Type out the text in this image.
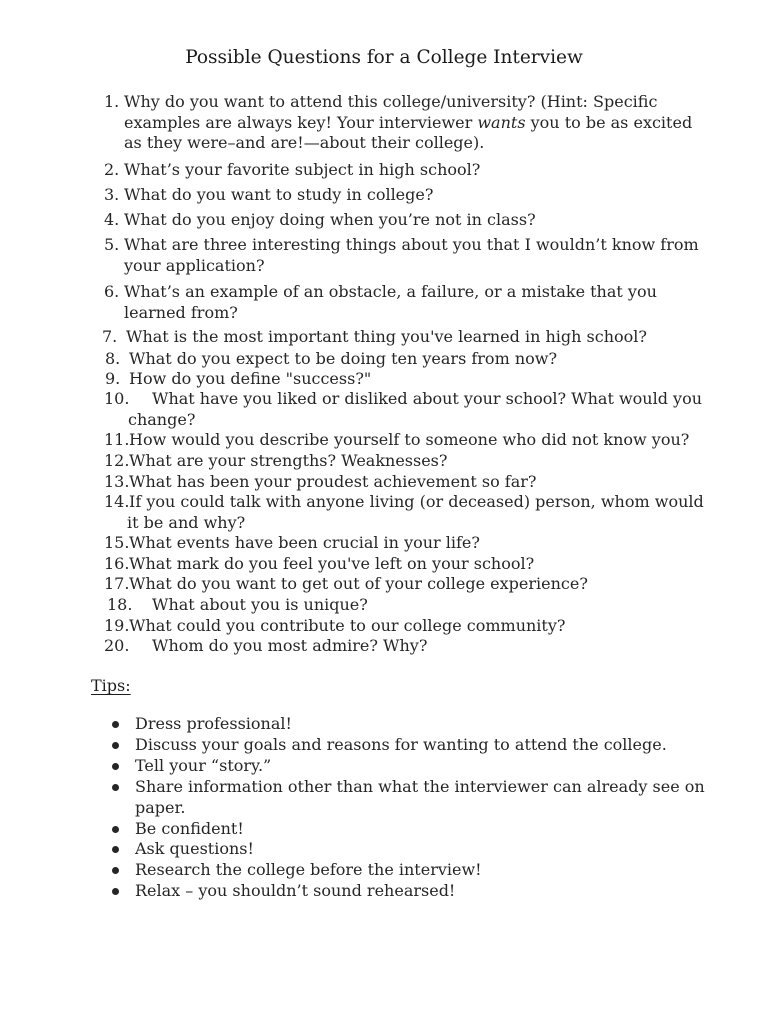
Possible Questions for a College Interview
1. Why do you want to attend this college/university? (Hint: Specific
examples are always key! Your interviewer wants you to be as excited
as they were–and are!—about their college).
2. What’s your favorite subject in high school?
3. What do you want to study in college?
4. What do you enjoy doing when you’re not in class?
5. What are three interesting things about you that I wouldn’t know from
your application?
6. What’s an example of an obstacle, a failure, or a mistake that you
learned from?
7. What is the most important thing you've learned in high school?
8. What do you expect to be doing ten years from now?
9. How do you define "success?"
10. What have you liked or disliked about your school? What would you
change?
11. How would you describe yourself to someone who did not know you?
12. What are your strengths? Weaknesses?
13. What has been your proudest achievement so far?
14. If you could talk with anyone living (or deceased) person, whom would
it be and why?
15. What events have been crucial in your life?
16. What mark do you feel you've left on your school?
17. What do you want to get out of your college experience?
18. What about you is unique?
19. What could you contribute to our college community?
20. Whom do you most admire? Why?
Tips:
Dress professional!
Discuss your goals and reasons for wanting to attend the college.
Tell your “story.”
Share information other than what the interviewer can already see on
paper.
Be confident!
Ask questions!
Research the college before the interview!
Relax – you shouldn’t sound rehearsed!
